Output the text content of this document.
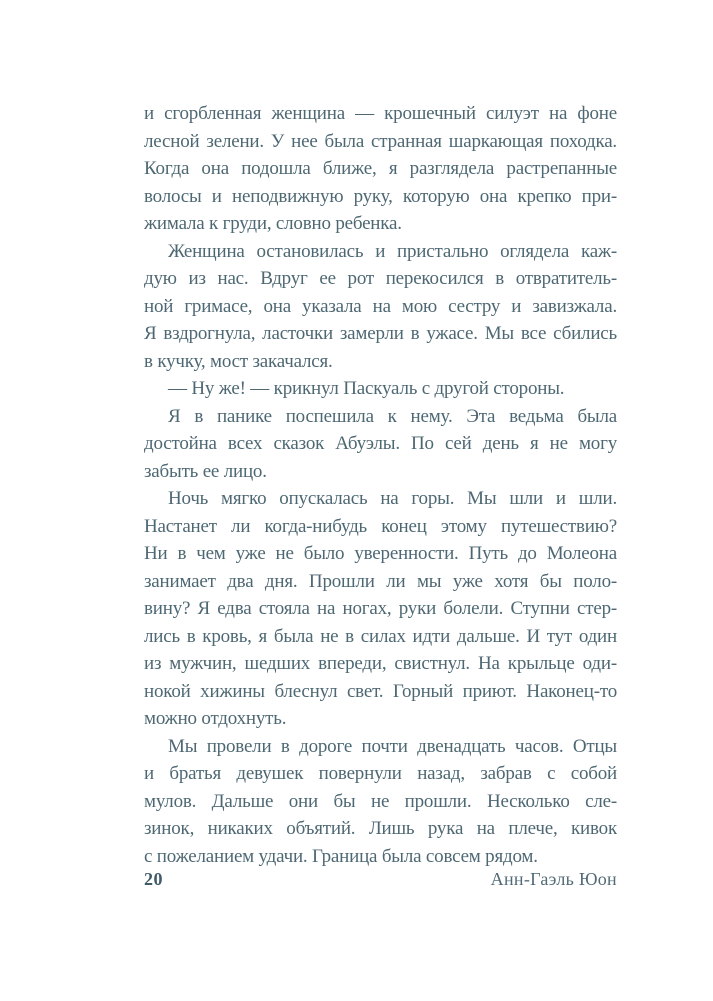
и сгорбленная женщина — крошечный силуэт на фоне
лесной зелени. У нее была странная шаркающая походка.
Когда она подошла ближе, я разглядела растрепанные
волосы и неподвижную руку, которую она крепко при-
жимала к груди, словно ребенка.

Женщина остановилась и пристально оглядела каж-
дую из нас. Вдруг ее рот перекосился в отвратитель-
ной гримасе, она указала на мою сестру и завизжала.
Я вздрогнула, ласточки замерли в ужасе. Мы все сбились
в кучку, мост закачался.

— Ну же! — крикнул Паскуаль с другой стороны.

Я в панике поспешила к нему. Эта ведьма была
достойна всех сказок Абуэлы. По сей день я не могу
забыть ее лицо.

Ночь мягко опускалась на горы. Мы шли и шли.
Настанет ли когда-нибудь конец этому путешествию?
Ни в чем уже не было уверенности. Путь до Молеона
занимает два дня. Прошли ли мы уже хотя бы поло-
вину? Я едва стояла на ногах, руки болели. Ступни стер-
лись в кровь, я была не в силах идти дальше. И тут один
из мужчин, шедших впереди, свистнул. На крыльце оди-
нокой хижины блеснул свет. Горный приют. Наконец-то
можно отдохнуть.

Мы провели в дороге почти двенадцать часов. Отцы
и братья девушек повернули назад, забрав с собой
мулов. Дальше они бы не прошли. Несколько сле-
зинок, никаких объятий. Лишь рука на плече, кивок
с пожеланием удачи. Граница была совсем рядом.

20	Анн-Гаэль Юон
